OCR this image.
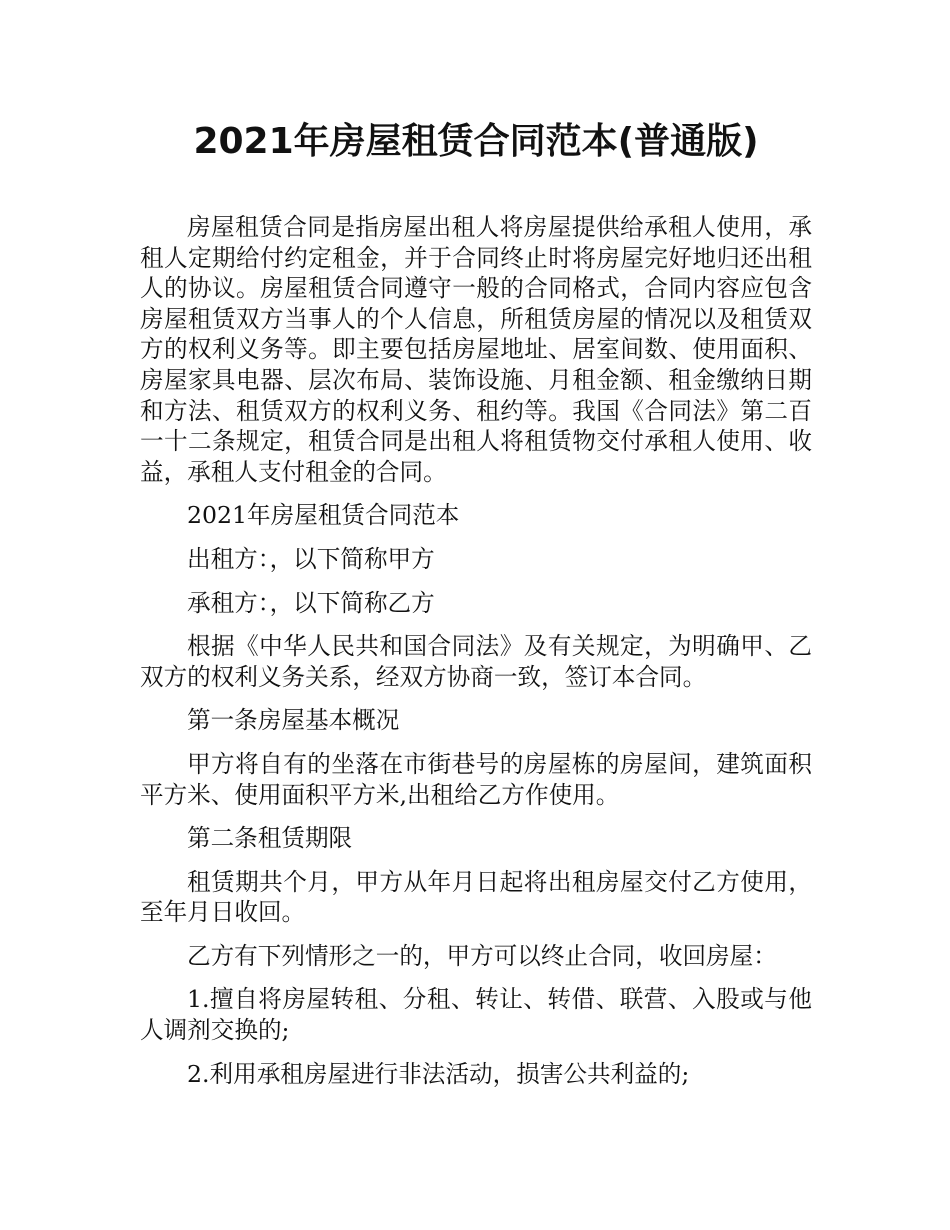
2021年房屋租赁合同范本(普通版)

房屋租赁合同是指房屋出租人将房屋提供给承租人使用，承租人定期给付约定租金，并于合同终止时将房屋完好地归还出租人的协议。房屋租赁合同遵守一般的合同格式，合同内容应包含房屋租赁双方当事人的个人信息，所租赁房屋的情况以及租赁双方的权利义务等。即主要包括房屋地址、居室间数、使用面积、房屋家具电器、层次布局、装饰设施、月租金额、租金缴纳日期和方法、租赁双方的权利义务、租约等。我国《合同法》第二百一十二条规定，租赁合同是出租人将租赁物交付承租人使用、收益，承租人支付租金的合同。

2021年房屋租赁合同范本

出租方：，以下简称甲方

承租方：，以下简称乙方

根据《中华人民共和国合同法》及有关规定，为明确甲、乙双方的权利义务关系，经双方协商一致，签订本合同。

第一条房屋基本概况

甲方将自有的坐落在市街巷号的房屋栋的房屋间，建筑面积平方米、使用面积平方米,出租给乙方作使用。

第二条租赁期限

租赁期共个月，甲方从年月日起将出租房屋交付乙方使用，至年月日收回。

乙方有下列情形之一的，甲方可以终止合同，收回房屋：

1.擅自将房屋转租、分租、转让、转借、联营、入股或与他人调剂交换的;

2.利用承租房屋进行非法活动，损害公共利益的;
